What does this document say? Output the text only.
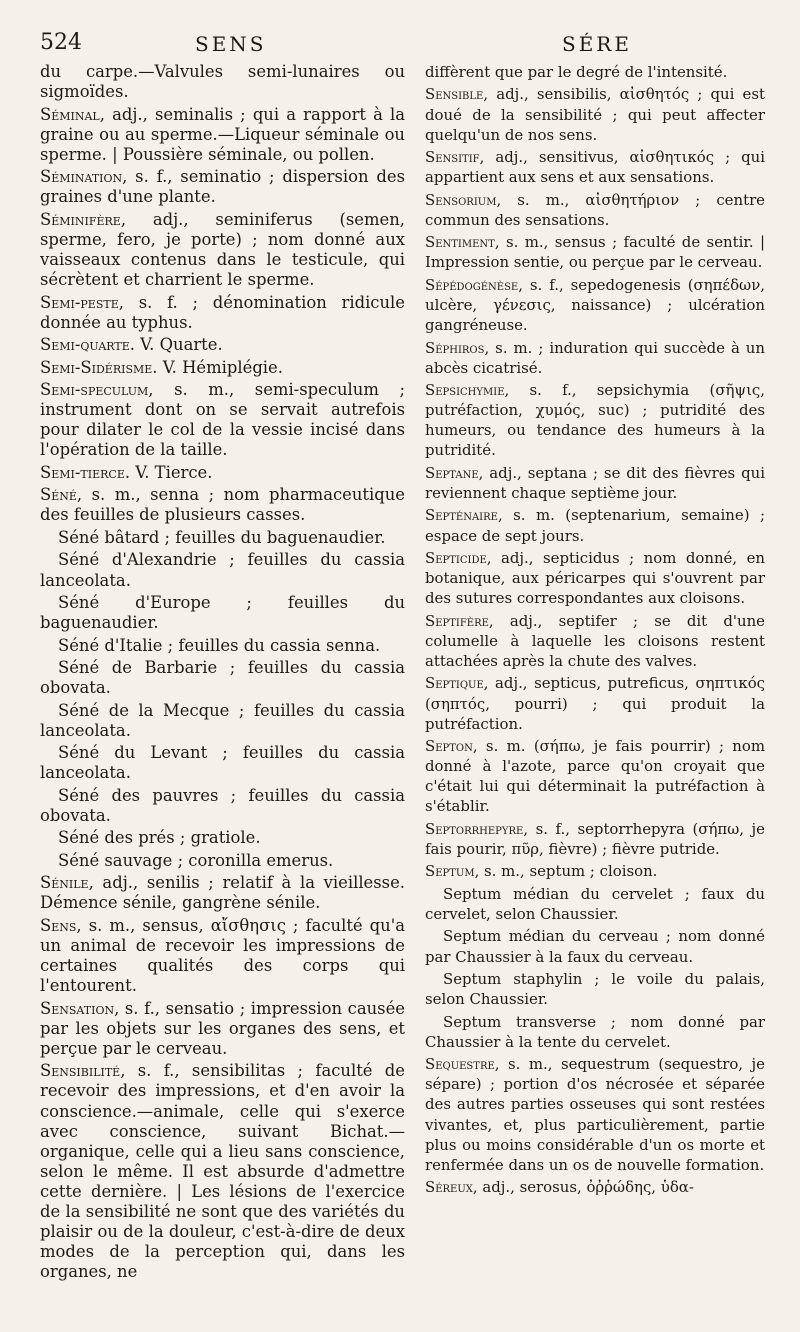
524	SENS	SÉRE
du carpe.—Valvules semi-lunaires ou sigmoïdes.
Séminal, adj., seminalis ; qui a rapport à la graine ou au sperme.—Liqueur séminale ou sperme. | Poussière séminale, ou pollen.
Sémination, s. f., seminatio ; dispersion des graines d'une plante.
Séminifère, adj., seminiferus (semen, sperme, fero, je porte) ; nom donné aux vaisseaux contenus dans le testicule, qui sécrètent et charrient le sperme.
Semi-peste, s. f. ; dénomination ridicule donnée au typhus.
Semi-quarte. V. Quarte.
Semi-Sidérisme. V. Hémiplégie.
Semi-speculum, s. m., semi-speculum ; instrument dont on se servait autrefois pour dilater le col de la vessie incisé dans l'opération de la taille.
Semi-tierce. V. Tierce.
Séné, s. m., senna ; nom pharmaceutique des feuilles de plusieurs casses.
Séné bâtard ; feuilles du baguenaudier.
Séné d'Alexandrie ; feuilles du cassia lanceolata.
Séné d'Europe ; feuilles du baguenaudier.
Séné d'Italie ; feuilles du cassia senna.
Séné de Barbarie ; feuilles du cassia obovata.
Séné de la Mecque ; feuilles du cassia lanceolata.
Séné du Levant ; feuilles du cassia lanceolata.
Séné des pauvres ; feuilles du cassia obovata.
Séné des prés ; gratiole.
Séné sauvage ; coronilla emerus.
Sénile, adj., senilis ; relatif à la vieillesse. Démence sénile, gangrène sénile.
Sens, s. m., sensus, αἴσθησις ; faculté qu'a un animal de recevoir les impressions de certaines qualités des corps qui l'entourent.
Sensation, s. f., sensatio ; impression causée par les objets sur les organes des sens, et perçue par le cerveau.
Sensibilité, s. f., sensibilitas ; faculté de recevoir des impressions, et d'en avoir la conscience.—animale, celle qui s'exerce avec conscience, suivant Bichat.—organique, celle qui a lieu sans conscience, selon le même. Il est absurde d'admettre cette dernière. | Les lésions de l'exercice de la sensibilité ne sont que des variétés du plaisir ou de la douleur, c'est-à-dire de deux modes de la perception qui, dans les organes, ne
diffèrent que par le degré de l'intensité.
Sensible, adj., sensibilis, αἰσθητός ; qui est doué de la sensibilité ; qui peut affecter quelqu'un de nos sens.
Sensitif, adj., sensitivus, αἰσθητικός ; qui appartient aux sens et aux sensations.
Sensorium, s. m., αἰσθητήριον ; centre commun des sensations.
Sentiment, s. m., sensus ; faculté de sentir. | Impression sentie, ou perçue par le cerveau.
Sépédogénèse, s. f., sepedogenesis (σηπέδων, ulcère, γένεσις, naissance) ; ulcération gangréneuse.
Séphiros, s. m. ; induration qui succède à un abcès cicatrisé.
Sepsichymie, s. f., sepsichymia (σῆψις, putréfaction, χυμός, suc) ; putridité des humeurs, ou tendance des humeurs à la putridité.
Septane, adj., septana ; se dit des fièvres qui reviennent chaque septième jour.
Septénaire, s. m. (septenarium, semaine) ; espace de sept jours.
Septicide, adj., septicidus ; nom donné, en botanique, aux péricarpes qui s'ouvrent par des sutures correspondantes aux cloisons.
Septifère, adj., septifer ; se dit d'une columelle à laquelle les cloisons restent attachées après la chute des valves.
Septique, adj., septicus, putreficus, σηπτικός (σηπτός, pourri) ; qui produit la putréfaction.
Septon, s. m. (σήπω, je fais pourrir) ; nom donné à l'azote, parce qu'on croyait que c'était lui qui déterminait la putréfaction à s'établir.
Septorrhepyre, s. f., septorrhepyra (σήπω, je fais pourir, πῦρ, fièvre) ; fièvre putride.
Septum, s. m., septum ; cloison.
Septum médian du cervelet ; faux du cervelet, selon Chaussier.
Septum médian du cerveau ; nom donné par Chaussier à la faux du cerveau.
Septum staphylin ; le voile du palais, selon Chaussier.
Septum transverse ; nom donné par Chaussier à la tente du cervelet.
Sequestre, s. m., sequestrum (sequestro, je sépare) ; portion d'os nécrosée et séparée des autres parties osseuses qui sont restées vivantes, et, plus particulièrement, partie plus ou moins considérable d'un os morte et renfermée dans un os de nouvelle formation.
Séreux, adj., serosus, ὀῤῥώδης, ὑδα-
